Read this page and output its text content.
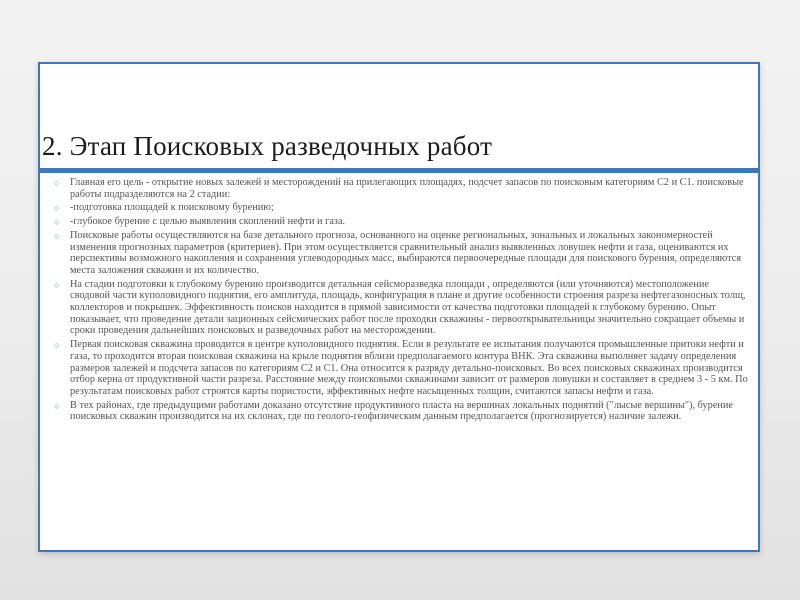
2. Этап Поисковых разведочных работ
○	Главная его цель - открытие новых залежей и месторождений на прилегающих площадях, подсчет запасов по поисковым категориям С2 и С1. поисковые работы подразделяются на 2 стадии:
○	-подготовка площадей к поисковому бурению;
○	-глубокое бурение с целью выявления скоплений нефти и газа.
○	Поисковые работы осуществляются на базе детального прогноза, основанного на оценке региональных, зональных и локальных закономерностей изменения прогнозных параметров (критериев). При этом осуществляется сравнительный анализ выявленных ловушек нефти и газа, оцениваются их перспективы возможного накопления и сохранения углеводородных масс, выбираются первоочередные площади для поискового бурения, определяются места заложения скважин и их количество.
○	На стадии подготовки к глубокому бурению производится детальная сейсморазведка площади , определяются (или уточняются) местоположение сводовой части куполовидного поднятия, его амплитуда, площадь, конфигурация в плане и другие особенности строения разреза нефтегазоносных толщ, коллекторов и покрышек. Эффективность поисков находится в прямой зависимости от качества подготовки площадей к глубокому бурению. Опыт показывает, что проведение детали зационных сейсмических работ после проходки скважины - первооткрывательницы значительно сокращает объемы и сроки проведения дальнейших поисковых и разведочных работ на месторождении.
○	Первая поисковая скважина проводится в центре куполовидного поднятия. Если в результате ее испытания получаются промышленные притоки нефти и газа, то проходится вторая поисковая скважина на крыле поднятия вблизи предполагаемого контура ВНК. Эта скважина выполняет задачу определения размеров залежей и подсчета запасов по категориям С2 и С1. Она относится к разряду детально-поисковых. Во всех поисковых скважинах производится отбор керна от продуктивной части разреза. Расстояние между поисковыми скважинами зависит от размеров ловушки и составляет в среднем 3 - 5 км. По результатам поисковых работ строятся карты пористости, эффективных нефте насыщенных толщин, считаются запасы нефти и газа.
○	В тех районах, где предыдущими работами доказано отсутствие продуктивного пласта на вершинах локальных поднятий ("лысые вершины"), бурение поисковых скважин производится на их склонах, где по геолого-геофизическим данным предполагается (прогнозируется) наличие залежи.
